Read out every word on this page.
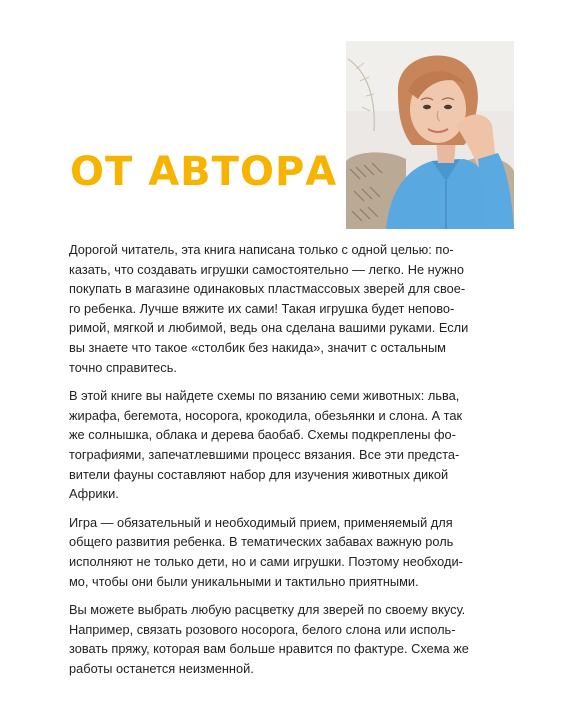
ОТ АВТОРА

Дорогой читатель, эта книга написана только с одной целью: по-
казать, что создавать игрушки самостоятельно — легко. Не нужно
покупать в магазине одинаковых пластмассовых зверей для свое-
го ребенка. Лучше вяжите их сами! Такая игрушка будет непово-
римой, мягкой и любимой, ведь она сделана вашими руками. Если
вы знаете что такое «столбик без накида», значит с остальным
точно справитесь.

В этой книге вы найдете схемы по вязанию семи животных: льва,
жирафа, бегемота, носорога, крокодила, обезьянки и слона. А так
же солнышка, облака и дерева баобаб. Схемы подкреплены фо-
тографиями, запечатлевшими процесс вязания. Все эти предста-
вители фауны составляют набор для изучения животных дикой
Африки.

Игра — обязательный и необходимый прием, применяемый для
общего развития ребенка. В тематических забавах важную роль
исполняют не только дети, но и сами игрушки. Поэтому необходи-
мо, чтобы они были уникальными и тактильно приятными.

Вы можете выбрать любую расцветку для зверей по своему вкусу.
Например, связать розового носорога, белого слона или исполь-
зовать пряжу, которая вам больше нравится по фактуре. Схема же
работы останется неизменной.
